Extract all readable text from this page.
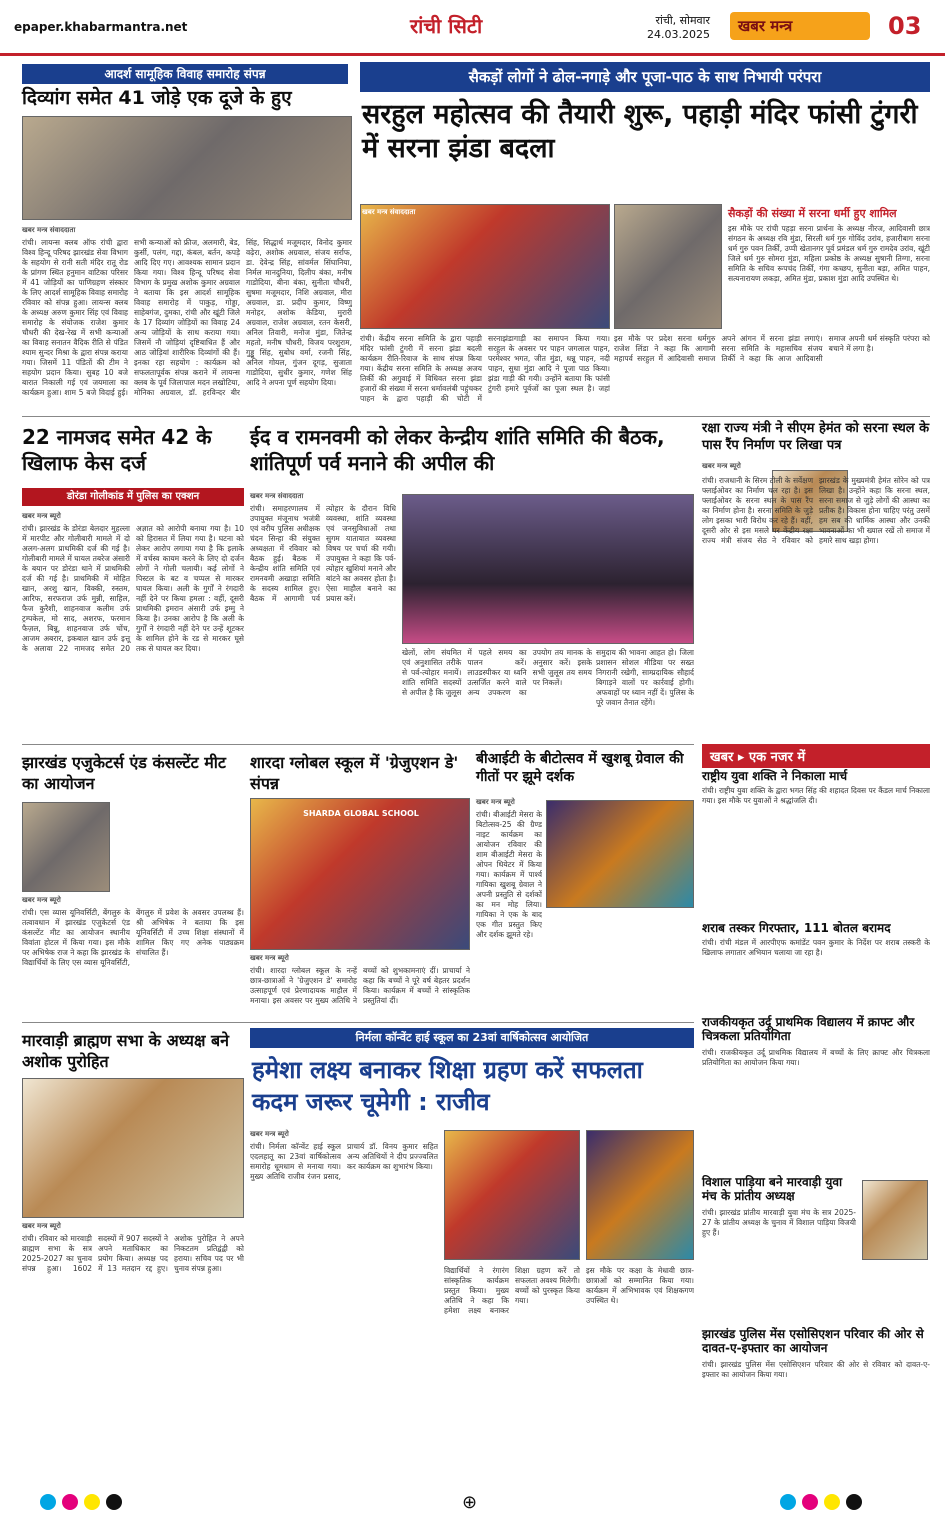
epaper.khabarmantra.net	रांची सिटी	रांची, सोमवार
24.03.2025	खबर मन्त्र	03
आदर्श सामूहिक विवाह समारोह संपन्न
दिव्यांग समेत 41 जोड़े एक दूजे के हुए
खबर मन्त्र संवाददाता
रांची। लायन्स क्लब ऑफ रांची द्वारा विश्व हिन्दू परिषद झारखंड सेवा विभाग के सहयोग से रानी सती मंदिर रातू रोड के प्रांगण स्थित हनुमान वाटिका परिसर में 41 जोड़ियों का पाणिग्रहण संस्कार के लिए आदर्श सामूहिक विवाह समारोह रविवार को संपन्न हुआ। लायन्स क्लब के अध्यक्ष अरुण कुमार सिंह एवं विवाह समारोह के संयोजक राजेश कुमार चौधरी की देख-रेख में सभी कन्याओं का विवाह सनातन वैदिक रीति से पंडित श्याम सुन्दर मिश्रा के द्वारा संपन्न कराया गया। जिसमें 11 पंडितों की टीम ने सहयोग प्रदान किया। सुबह 10 बजे बारात निकाली गई एवं जयमाला का कार्यक्रम हुआ। शाम 5 बजे विदाई हुई। सभी कन्याओं को फ्रीज, अलमारी, बेड, कुर्सी, पलंग, गद्दा, कंबल, बर्तन, कपड़े आदि दिए गए। आवश्यक सामान प्रदान किया गया। विश्व हिन्दू परिषद सेवा विभाग के प्रमुख अशोक कुमार अग्रवाल ने बताया कि इस आदर्श सामूहिक विवाह समारोह में पाकुड़, गोड्डा, साहेबगंज, दुमका, रांची और खूंटी जिले के 17 दिव्यांग जोड़ियों का विवाह 24 अन्य जोड़ियों के साथ कराया गया। जिसमें नौ जोड़ियां दृष्टिबाधित हैं और आठ जोड़ियां शारीरिक दिव्यांगों की हैं। इनका रहा सहयोग : कार्यक्रम को सफलतापूर्वक संपन्न कराने में लायन्स क्लब के पूर्व जिलापाल मदन लखोटिया, मोनिका अग्रवाल, डॉ. हरविन्दर बीर सिंह, सिद्धार्थ मजूमदार, विनोद कुमार वढ़ेरा, अशोक अग्रवाल, संजय सर्राफ, डा. देवेन्द्र सिंह, सांवर्मल सिंघानिया, निर्मल मानदुनिया, दिलीप बंका, मनीष गाडोदिया, बीना बंका, सुनीता चौधरी, सुषमा मजूमदार, निशि अग्रवाल, मीरा अग्रवाल, डा. प्रदीप कुमार, विष्णु मनोहर, अशोक केडिया, मुरारी अग्रवाल, राजेश अग्रवाल, रतन केसरी, अनिल तिवारी, मनोज मुंडा, जितेन्द्र महतो, मनीष चौधरी, विजय परशुराम, गुड्डू सिंह, सुबोध वर्मा, रजनी सिंह, अनिल गोयल, गुंजन दूगड़, सुजाता गाडोदिया, सुधीर कुमार, गणेश सिंह आदि ने अपना पूर्ण सहयोग दिया।
सैकड़ों लोगों ने ढोल-नगाड़े और पूजा-पाठ के साथ निभायी परंपरा
सरहुल महोत्सव की तैयारी शुरू, पहाड़ी मंदिर फांसी टुंगरी में सरना झंडा बदला
खबर मन्त्र संवाददाता	सैकड़ों की संख्या में सरना धर्मी हुए शामिल
इस मौके पर रांची पहड़ा सरना प्रार्थना के अध्यक्ष नीरज, आदिवासी छात्र संगठन के अध्यक्ष रवि मुंडा, सिरली धर्म गुरु गोविंद उरांव, हजारीबाग सरना धर्म गुरु पवन तिर्की, उप्पी खेतानगर पूर्व प्रमंडल धर्म गुरु रामदेव उरांव, खूंटी जिले धर्म गुरु सोमरा मुंडा, महिला प्रकोष्ठ के अध्यक्ष सुषानी तिग्गा, सरना समिति के सचिव रूपचंद तिर्की, गंगा कच्छप, सुनीता बड़ा, अमित पाहन, सत्यनारायण लकड़ा, अमित मुंडा, प्रकाश मुंडा आदि उपस्थित थे।
रांची। केंद्रीय सरना समिति के द्वारा पहाड़ी मंदिर फांसी टुंगरी में सरना झंडा बदली कार्यक्रम रीति-रिवाज के साथ संपन्न किया गया। केंद्रीय सरना समिति के अध्यक्ष अजय तिर्की की अगुवाई में विधिवत सरना झंडा हजारों की संख्या में सरना धर्मावलंबी पहुंचकर पाहन के द्वारा पहाड़ी की चोटी में सरनाझंडागाड़ी का समापन किया गया। सरहुल के अवसर पर पाहन जगलाल पाहन, परमेश्वर भगत, जीत मुंडा, धन्नू पाहन, नदी पाहन, सुधा मुंडा आदि ने पूजा पाठ किया। झंडा गाड़ी की गयी। उन्होंने बताया कि फांसी टुंगरी हमारे पूर्वजों का पूजा स्थल है। जहां
इस मौके पर प्रदेश सरना धर्मगुरु राजेश लिंडा ने कहा कि आगामी महापर्व सरहुल में आदिवासी समाज अपने आंगन में सरना झंडा लगाएं। सरना समिति के महासचिव संजय तिर्की ने कहा कि आज आदिवासी समाज अपनी धर्म संस्कृति परंपरा को बचाने में लगा है।
22 नामजद समेत 42 के खिलाफ केस दर्ज
डोरंडा गोलीकांड में पुलिस का एक्शन
खबर मन्त्र ब्यूरो
रांची। झारखंड के डोरंडा बेलदार मुहल्ला में मारपीट और गोलीबारी मामले में दो अलग-अलग प्राथमिकी दर्ज की गई है। गोलीबारी मामले में घायल तबरेज अंसारी के बयान पर डोरंडा थाने में प्राथमिकी दर्ज की गई है। प्राथमिकी में मोहित खान, अरशु खान, विक्की, रुस्तम, आरिफ, सरफराज उर्फ मुन्नी, साहिल, फैज कुरैशी, शाहनवाज कलीम उर्फ ट्रम्पकेल, मो साद, अशरफ, फरमान फैज़ल, बिन्नू, शाहनवाज उर्फ चोंच, आजम अबरार, इकबाल खान उर्फ इत्तू के अलावा 22 नामजद समेत 20 अज्ञात को आरोपी बनाया गया है। 10 को हिरासत में लिया गया है। घटना को लेकर आरोप लगाया गया है कि इलाके में वर्चस्व कायम करने के लिए दो दर्जन लोगों ने गोली चलायी। कई लोगों ने पिस्टल के बट व चप्पल से मारकर घायल किया। अली के गुर्गों ने रंगदारी नहीं देने पर किया हमला : वहीं, दूसरी प्राथमिकी इमरान अंसारी उर्फ इम्मु ने किया है। उनका आरोप है कि अली के गुर्गों ने रंगदारी नहीं देने पर उन्हें शूटकर के शामिल होने के रड से मारकर घूसे तक से घायल कर दिया।
ईद व रामनवमी को लेकर केन्द्रीय शांति समिति की बैठक, शांतिपूर्ण पर्व मनाने की अपील की
खबर मन्त्र संवाददाता
रांची। समाहरणालय में उपायुक्त मंजूनाथ भजंत्री एवं वरीय पुलिस अधीक्षक चंदन सिन्हा की संयुक्त अध्यक्षता में रविवार को बैठक हुई। बैठक में केन्द्रीय शांति समिति एवं रामनवमी अखाड़ा समिति के सदस्य शामिल हुए। बैठक में आगामी पर्व त्योहार के दौरान विधि व्यवस्था, शांति व्यवस्था एवं जनसुविधाओं तथा सुगम यातायात व्यवस्था विषय पर चर्चा की गयी। उपायुक्त ने कहा कि पर्व-त्योहार खुशियां मनाने और बांटने का अवसर होता है। ऐसा माहौल बनाने का प्रयास करें।
खेलों, लोग संयमित एवं अनुशासित तरीके से पर्व-त्योहार मनायें। शांति समिति सदस्यों से अपील है कि जुलूस में पहले समय का पालन करें। लाउडस्पीकर या ध्वनि उत्सर्जित करने वाले अन्य उपकरण का उपयोग तय मानक के अनुसार करें। इसके सभी जुलूस तय समय पर निकलें।
समुदाय की भावना आहत हो। जिला प्रशासन सोशल मीडिया पर सख्त निगरानी रखेगी, साम्प्रदायिक सौहार्द बिगाड़ने वालों पर कार्रवाई होगी। अफवाहों पर ध्यान नहीं दें। पुलिस के पूरे जवान तैनात रहेंगे।
रक्षा राज्य मंत्री ने सीएम हेमंत को सरना स्थल के पास रैंप निर्माण पर लिखा पत्र
खबर मन्त्र ब्यूरो
रांची। राजधानी के सिरम टोली के सर्वेक्षण फ्लाईओवर का निर्माण चल रहा है। इस फ्लाईओवर के सरना स्थल के पास रैंप का निर्माण होना है। सरना समिति के जुड़े लोग इसका भारी विरोध कर रहे हैं। वहीं, दूसरी ओर से इस मसले पर केंद्रीय रक्षा राज्य मंत्री संजय सेठ ने रविवार को झारखंड के मुख्यमंत्री हेमंत सोरेन को पत्र लिखा है। उन्होंने कहा कि सरना स्थल, सरना समाज से जुड़े लोगों की आस्था का प्रतीक है। विकास होना चाहिए परंतु उसमें हम सब की धार्मिक आस्था और उनकी भावनाओं का भी ख्याल रखें तो समाज में हमारे साथ खड़ा होगा।
खबर ▸ एक नजर में
राष्ट्रीय युवा शक्ति ने निकाला मार्च
रांची। राष्ट्रीय युवा शक्ति के द्वारा भगत सिंह की शहादत दिवस पर कैंडल मार्च निकाला गया। इस मौके पर युवाओं ने श्रद्धांजलि दी।
शराब तस्कर गिरफ्तार, 111 बोतल बरामद
रांची। रांची मंडल में आरपीएफ कमांडेंट पवन कुमार के निर्देश पर शराब तस्करी के खिलाफ लगातार अभियान चलाया जा रहा है।
राजकीयकृत उर्दू प्राथमिक विद्यालय में क्राफ्ट और चित्रकला प्रतियोगिता
रांची। राजकीयकृत उर्दू प्राथमिक विद्यालय में बच्चों के लिए क्राफ्ट और चित्रकला प्रतियोगिता का आयोजन किया गया।
विशाल पाड़िया बने मारवाड़ी युवा मंच के प्रांतीय अध्यक्ष
रांची। झारखंड प्रांतीय मारवाड़ी युवा मंच के सत्र 2025-27 के प्रांतीय अध्यक्ष के चुनाव में विशाल पाड़िया विजयी हुए हैं।
झारखंड पुलिस मेंस एसोसिएशन परिवार की ओर से दावत-ए-इफ्तार का आयोजन
रांची। झारखंड पुलिस मेंस एसोसिएशन परिवार की ओर से रविवार को दावत-ए-इफ्तार का आयोजन किया गया।
झारखंड एजुकेटर्स एंड कंसल्टेंट मीट का आयोजन
खबर मन्त्र ब्यूरो
रांची। एस व्यास यूनिवर्सिटी, बेंगलुरु के तत्वावधान में झारखंड एजुकेटर्स एंड कंसल्टेंट मीट का आयोजन स्थानीय विवांता होटल में किया गया। इस मौके पर अभिषेक राज ने कहा कि झारखंड के विद्यार्थियों के लिए एस व्यास यूनिवर्सिटी, बेंगलुरु में प्रवेश के अवसर उपलब्ध हैं। श्री अभिषेक ने बताया कि इस यूनिवर्सिटी में उच्च शिक्षा संस्थानों में शामिल किए गए अनेक पाठ्यक्रम संचालित हैं।
शारदा ग्लोबल स्कूल में 'ग्रेजुएशन डे' संपन्न
SHARDA GLOBAL SCHOOL
खबर मन्त्र ब्यूरो
रांची। शारदा ग्लोबल स्कूल के नन्हें छात्र-छात्राओं ने 'ग्रेजुएशन डे' समारोह उत्साहपूर्ण एवं प्रेरणादायक माहौल में मनाया। इस अवसर पर मुख्य अतिथि ने बच्चों को शुभकामनाएं दीं। प्राचार्या ने कहा कि बच्चों ने पूरे वर्ष बेहतर प्रदर्शन किया। कार्यक्रम में बच्चों ने सांस्कृतिक प्रस्तुतियां दीं।
बीआईटी के बीटोत्सव में खुशबू ग्रेवाल की गीतों पर झूमे दर्शक
खबर मन्त्र ब्यूरो
रांची। बीआईटी मेसरा के बिटोत्सव-25 की ग्रैण्ड नाइट कार्यक्रम का आयोजन रविवार की शाम बीआईटी मेसरा के ओपन थियेटर में किया गया। कार्यक्रम में पार्श्व गायिका खुशबू ग्रेवाल ने अपनी प्रस्तुति से दर्शकों का मन मोह लिया। गायिका ने एक के बाद एक गीत प्रस्तुत किए और दर्शक झूमते रहे।
मारवाड़ी ब्राह्मण सभा के अध्यक्ष बने अशोक पुरोहित
खबर मन्त्र ब्यूरो
रांची। रविवार को मारवाड़ी ब्राह्मण सभा के सत्र 2025-2027 का चुनाव संपन्न हुआ। 1602 सदस्यों में 907 सदस्यों ने अपने मताधिकार का प्रयोग किया। अध्यक्ष पद में 13 मतदान रद्द हुए। अशोक पुरोहित ने अपने निकटतम प्रतिद्वंद्वी को हराया। सचिव पद पर भी चुनाव संपन्न हुआ।
निर्मला कॉन्वेंट हाई स्कूल का 23वां वार्षिकोत्सव आयोजित
हमेशा लक्ष्य बनाकर शिक्षा ग्रहण करें सफलता कदम जरूर चूमेगी : राजीव
खबर मन्त्र ब्यूरो
रांची। निर्मला कॉन्वेंट हाई स्कूल एदलहातू का 23वां वार्षिकोत्सव समारोह धूमधाम से मनाया गया। मुख्य अतिथि राजीव रंजन प्रसाद, प्राचार्य डॉ. विनय कुमार सहित अन्य अतिथियों ने दीप प्रज्ज्वलित कर कार्यक्रम का शुभारंभ किया।
विद्यार्थियों ने रंगारंग सांस्कृतिक कार्यक्रम प्रस्तुत किया। मुख्य अतिथि ने कहा कि हमेशा लक्ष्य बनाकर शिक्षा ग्रहण करें तो सफलता अवश्य मिलेगी। बच्चों को पुरस्कृत किया गया।
इस मौके पर कक्षा के मेधावी छात्र-छात्राओं को सम्मानित किया गया। कार्यक्रम में अभिभावक एवं शिक्षकगण उपस्थित थे।
⊕
